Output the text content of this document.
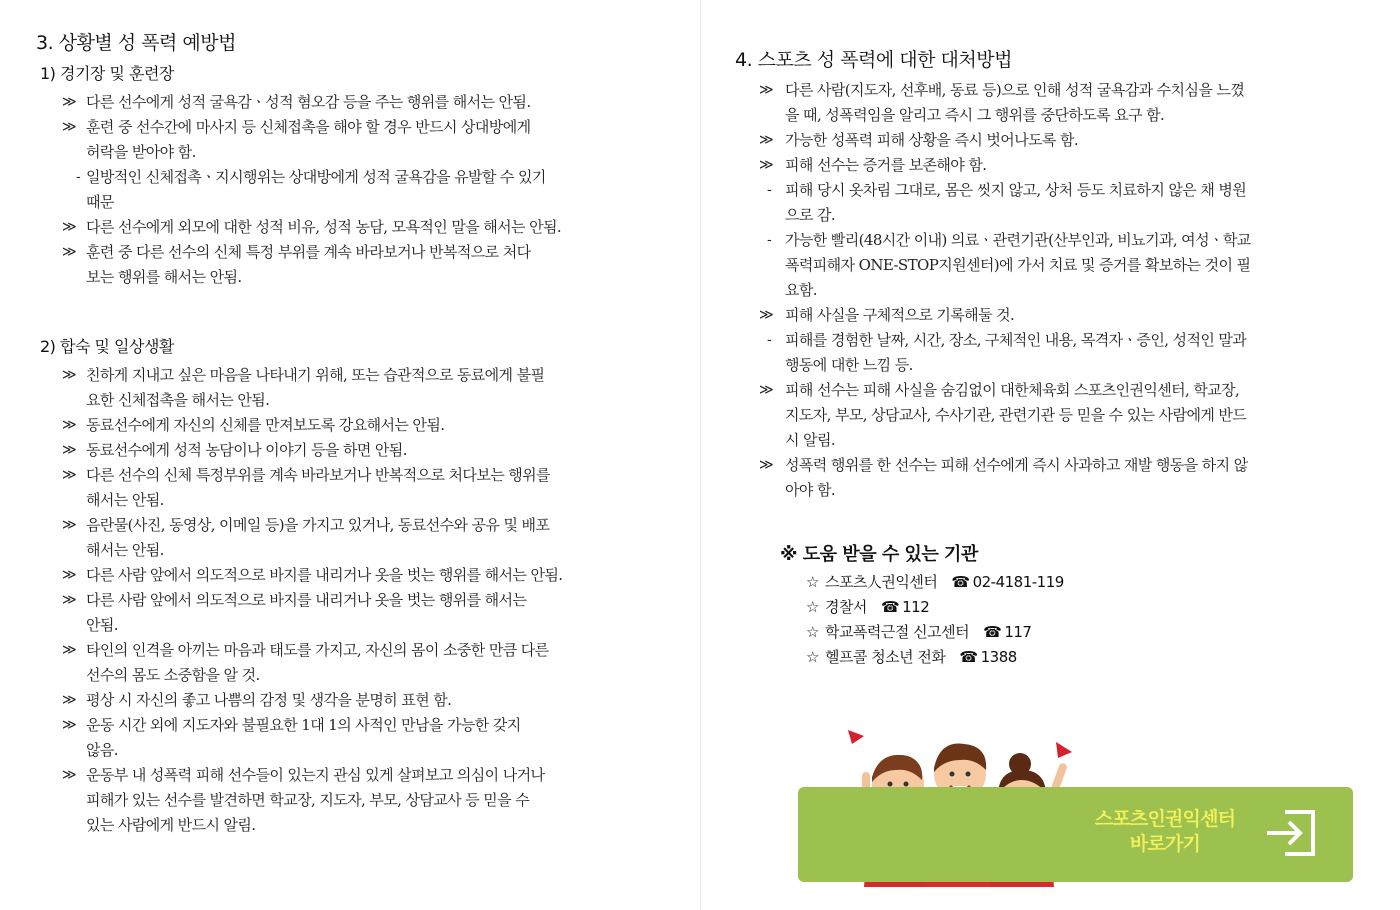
3. 상황별 성 폭력 예방법
1) 경기장 및 훈련장
≫ 다른 선수에게 성적 굴욕감ㆍ성적 혐오감 등을 주는 행위를 해서는 안됨.
≫ 훈련 중 선수간에 마사지 등 신체접촉을 해야 할 경우 반드시 상대방에게
허락을 받아야 함.
- 일방적인 신체접촉ㆍ지시행위는 상대방에게 성적 굴욕감을 유발할 수 있기
때문
≫ 다른 선수에게 외모에 대한 성적 비유, 성적 농담, 모욕적인 말을 해서는 안됨.
≫ 훈련 중 다른 선수의 신체 특정 부위를 계속 바라보거나 반복적으로 처다
보는 행위를 해서는 안됨.
2) 합숙 및 일상생활
≫ 친하게 지내고 싶은 마음을 나타내기 위해, 또는 습관적으로 동료에게 불필
요한 신체접촉을 해서는 안됨.
≫ 동료선수에게 자신의 신체를 만져보도록 강요해서는 안됨.
≫ 동료선수에게 성적 농담이나 이야기 등을 하면 안됨.
≫ 다른 선수의 신체 특정부위를 계속 바라보거나 반복적으로 처다보는 행위를
해서는 안됨.
≫ 음란물(사진, 동영상, 이메일 등)을 가지고 있거나, 동료선수와 공유 및 배포
해서는 안됨.
≫ 다른 사람 앞에서 의도적으로 바지를 내리거나 옷을 벗는 행위를 해서는 안됨.
≫ 다른 사람 앞에서 의도적으로 바지를 내리거나 옷을 벗는 행위를 해서는
안됨.
≫ 타인의 인격을 아끼는 마음과 태도를 가지고, 자신의 몸이 소중한 만큼 다른
선수의 몸도 소중함을 알 것.
≫ 평상 시 자신의 좋고 나쁨의 감정 및 생각을 분명히 표현 함.
≫ 운동 시간 외에 지도자와 불필요한 1대 1의 사적인 만남을 가능한 갖지
않음.
≫ 운동부 내 성폭력 피해 선수들이 있는지 관심 있게 살펴보고 의심이 나거나
피해가 있는 선수를 발견하면 학교장, 지도자, 부모, 상담교사 등 믿을 수
있는 사람에게 반드시 알림.
4. 스포츠 성 폭력에 대한 대처방법
≫ 다른 사람(지도자, 선후배, 동료 등)으로 인해 성적 굴욕감과 수치심을 느꼈
을 때, 성폭력임을 알리고 즉시 그 행위를 중단하도록 요구 함.
≫ 가능한 성폭력 피해 상황을 즉시 벗어나도록 함.
≫ 피해 선수는 증거를 보존해야 함.
- 피해 당시 옷차림 그대로, 몸은 씻지 않고, 상처 등도 치료하지 않은 채 병원
으로 감.
- 가능한 빨리(48시간 이내) 의료ㆍ관련기관(산부인과, 비뇨기과, 여성ㆍ학교
폭력피해자 ONE-STOP지원센터)에 가서 치료 및 증거를 확보하는 것이 필
요함.
≫ 피해 사실을 구체적으로 기록해둘 것.
- 피해를 경험한 날짜, 시간, 장소, 구체적인 내용, 목격자ㆍ증인, 성적인 말과
행동에 대한 느낌 등.
≫ 피해 선수는 피해 사실을 숨김없이 대한체육회 스포츠인권익센터, 학교장,
지도자, 부모, 상담교사, 수사기관, 관련기관 등 믿을 수 있는 사람에게 반드
시 알림.
≫ 성폭력 행위를 한 선수는 피해 선수에게 즉시 사과하고 재발 행동을 하지 않
아야 함.
※ 도움 받을 수 있는 기관
☆ 스포츠人권익센터 ☎ 02-4181-119
☆ 경찰서 ☎ 112
☆ 학교폭력근절 신고센터 ☎ 117
☆ 헬프콜 청소년 전화 ☎ 1388
스포츠인권익센터
바로가기
